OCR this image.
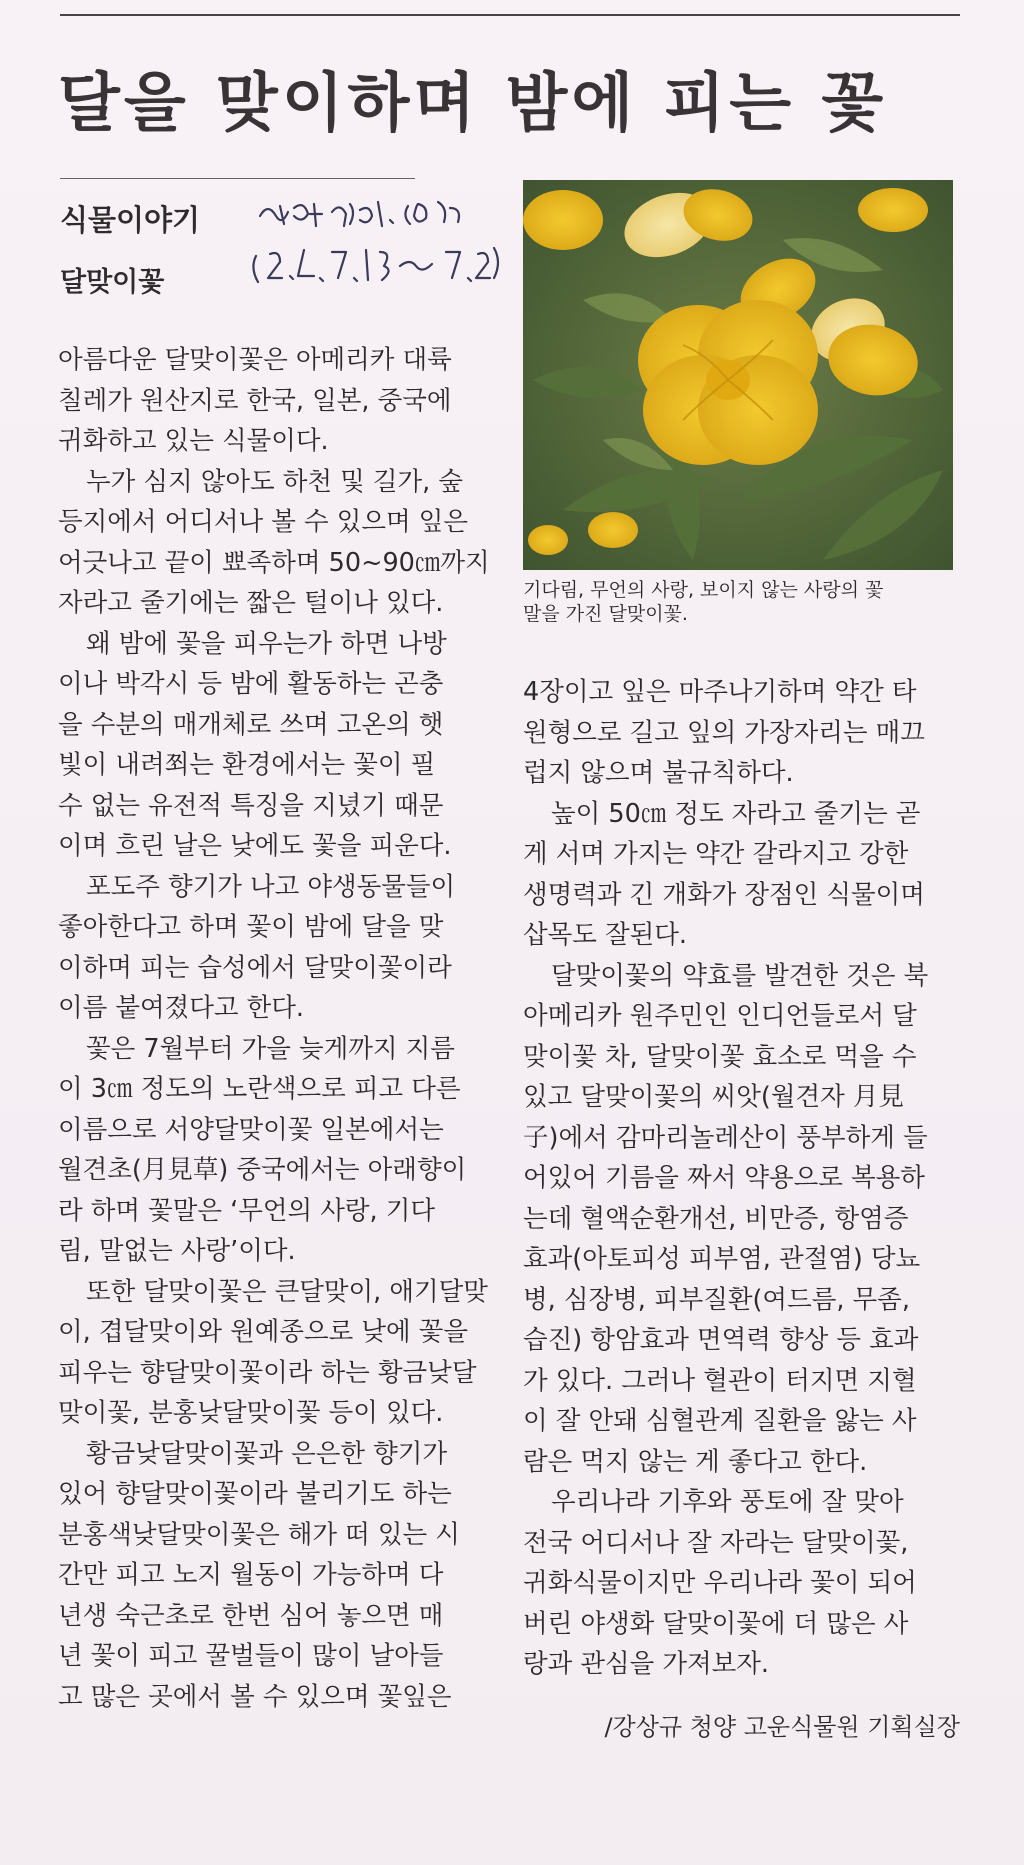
달을 맞이하며 밤에 피는 꽃
식물이야기
달맞이꽃

아름다운 달맞이꽃은 아메리카 대륙

칠레가 원산지로 한국, 일본, 중국에

귀화하고 있는 식물이다.

누가 심지 않아도 하천 및 길가, 숲

등지에서 어디서나 볼 수 있으며 잎은

어긋나고 끝이 뾰족하며 50~90㎝까지

자라고 줄기에는 짧은 털이나 있다.

왜 밤에 꽃을 피우는가 하면 나방

이나 박각시 등 밤에 활동하는 곤충

을 수분의 매개체로 쓰며 고온의 햇

빛이 내려쬐는 환경에서는 꽃이 필

수 없는 유전적 특징을 지녔기 때문

이며 흐린 날은 낮에도 꽃을 피운다.

포도주 향기가 나고 야생동물들이

좋아한다고 하며 꽃이 밤에 달을 맞

이하며 피는 습성에서 달맞이꽃이라

이름 붙여졌다고 한다.

꽃은 7월부터 가을 늦게까지 지름

이 3㎝ 정도의 노란색으로 피고 다른

이름으로 서양달맞이꽃 일본에서는

월견초(月見草) 중국에서는 아래향이

라 하며 꽃말은 ‘무언의 사랑, 기다

림, 말없는 사랑’이다.

또한 달맞이꽃은 큰달맞이, 애기달맞

이, 겹달맞이와 원예종으로 낮에 꽃을

피우는 향달맞이꽃이라 하는 황금낮달

맞이꽃, 분홍낮달맞이꽃 등이 있다.

황금낮달맞이꽃과 은은한 향기가

있어 향달맞이꽃이라 불리기도 하는

분홍색낮달맞이꽃은 해가 떠 있는 시

간만 피고 노지 월동이 가능하며 다

년생 숙근초로 한번 심어 놓으면 매

년 꽃이 피고 꿀벌들이 많이 날아들

고 많은 곳에서 볼 수 있으며 꽃잎은

기다림, 무언의 사랑, 보이지 않는 사랑의 꽃
말을 가진 달맞이꽃.

4장이고 잎은 마주나기하며 약간 타

원형으로 길고 잎의 가장자리는 매끄

럽지 않으며 불규칙하다.

높이 50㎝ 정도 자라고 줄기는 곧

게 서며 가지는 약간 갈라지고 강한

생명력과 긴 개화가 장점인 식물이며

삽목도 잘된다.

달맞이꽃의 약효를 발견한 것은 북

아메리카 원주민인 인디언들로서 달

맞이꽃 차, 달맞이꽃 효소로 먹을 수

있고 달맞이꽃의 씨앗(월견자 月見

子)에서 감마리놀레산이 풍부하게 들

어있어 기름을 짜서 약용으로 복용하

는데 혈액순환개선, 비만증, 항염증

효과(아토피성 피부염, 관절염) 당뇨

병, 심장병, 피부질환(여드름, 무좀,

습진) 항암효과 면역력 향상 등 효과

가 있다. 그러나 혈관이 터지면 지혈

이 잘 안돼 심혈관계 질환을 앓는 사

람은 먹지 않는 게 좋다고 한다.

우리나라 기후와 풍토에 잘 맞아

전국 어디서나 잘 자라는 달맞이꽃,

귀화식물이지만 우리나라 꽃이 되어

버린 야생화 달맞이꽃에 더 많은 사

랑과 관심을 가져보자.

/강상규 청양 고운식물원 기획실장
